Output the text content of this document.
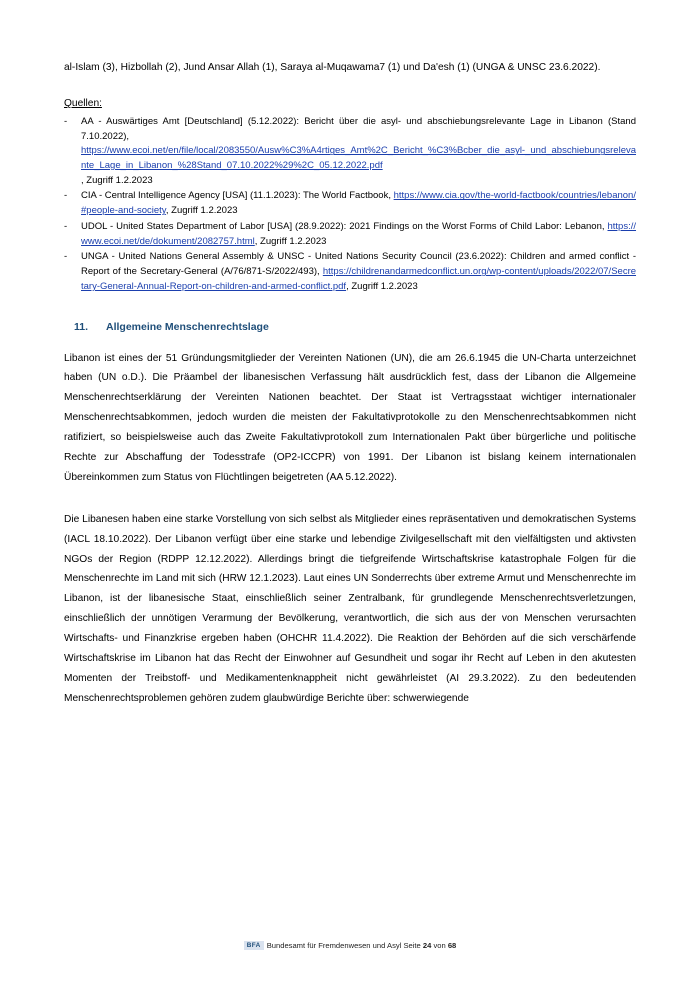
al-Islam (3), Hizbollah (2), Jund Ansar Allah (1), Saraya al-Muqawama7 (1) und Da'esh (1) (UNGA & UNSC 23.6.2022).

Quellen:
- AA - Auswärtiges Amt [Deutschland] (5.12.2022): Bericht über die asyl- und abschiebungsrelevante Lage in Libanon (Stand 7.10.2022),
https://www.ecoi.net/en/file/local/2083550/Ausw%C3%A4rtiges_Amt%2C_Bericht_%C3%Bcber_die_asyl-_und_abschiebungsrelevante_Lage_in_Libanon_%28Stand_07.10.2022%29%2C_05.12.2022.pdf
, Zugriff 1.2.2023
- CIA - Central Intelligence Agency [USA] (11.1.2023): The World Factbook, https://www.cia.gov/the-world-factbook/countries/lebanon/#people-and-society, Zugriff 1.2.2023
- UDOL - United States Department of Labor [USA] (28.9.2022): 2021 Findings on the Worst Forms of Child Labor: Lebanon, https://www.ecoi.net/de/dokument/2082757.html, Zugriff 1.2.2023
- UNGA - United Nations General Assembly & UNSC - United Nations Security Council (23.6.2022): Children and armed conflict - Report of the Secretary-General (A/76/871-S/2022/493), https://childrenandarmedconflict.un.org/wp-content/uploads/2022/07/Secretary-General-Annual-Report-on-children-and-armed-conflict.pdf, Zugriff 1.2.2023
11.	Allgemeine Menschenrechtslage

Libanon ist eines der 51 Gründungsmitglieder der Vereinten Nationen (UN), die am 26.6.1945 die UN-Charta unterzeichnet haben (UN o.D.). Die Präambel der libanesischen Verfassung hält ausdrücklich fest, dass der Libanon die Allgemeine Menschenrechtserklärung der Vereinten Nationen beachtet. Der Staat ist Vertragsstaat wichtiger internationaler Menschenrechtsabkommen, jedoch wurden die meisten der Fakultativprotokolle zu den Menschenrechtsabkommen nicht ratifiziert, so beispielsweise auch das Zweite Fakultativprotokoll zum Internationalen Pakt über bürgerliche und politische Rechte zur Abschaffung der Todesstrafe (OP2-ICCPR) von 1991. Der Libanon ist bislang keinem internationalen Übereinkommen zum Status von Flüchtlingen beigetreten (AA 5.12.2022).

Die Libanesen haben eine starke Vorstellung von sich selbst als Mitglieder eines repräsentativen und demokratischen Systems (IACL 18.10.2022). Der Libanon verfügt über eine starke und lebendige Zivilgesellschaft mit den vielfältigsten und aktivsten NGOs der Region (RDPP 12.12.2022). Allerdings bringt die tiefgreifende Wirtschaftskrise katastrophale Folgen für die Menschenrechte im Land mit sich (HRW 12.1.2023). Laut eines UN Sonderrechts über extreme Armut und Menschenrechte im Libanon, ist der libanesische Staat, einschließlich seiner Zentralbank, für grundlegende Menschenrechtsverletzungen, einschließlich der unnötigen Verarmung der Bevölkerung, verantwortlich, die sich aus der von Menschen verursachten Wirtschafts- und Finanzkrise ergeben haben (OHCHR 11.4.2022). Die Reaktion der Behörden auf die sich verschärfende Wirtschaftskrise im Libanon hat das Recht der Einwohner auf Gesundheit und sogar ihr Recht auf Leben in den akutesten Momenten der Treibstoff- und Medikamentenknappheit nicht gewährleistet (AI 29.3.2022). Zu den bedeutenden Menschenrechtsproblemen gehören zudem glaubwürdige Berichte über: schwerwiegende

BFA Bundesamt für Fremdenwesen und Asyl Seite 24 von 68
